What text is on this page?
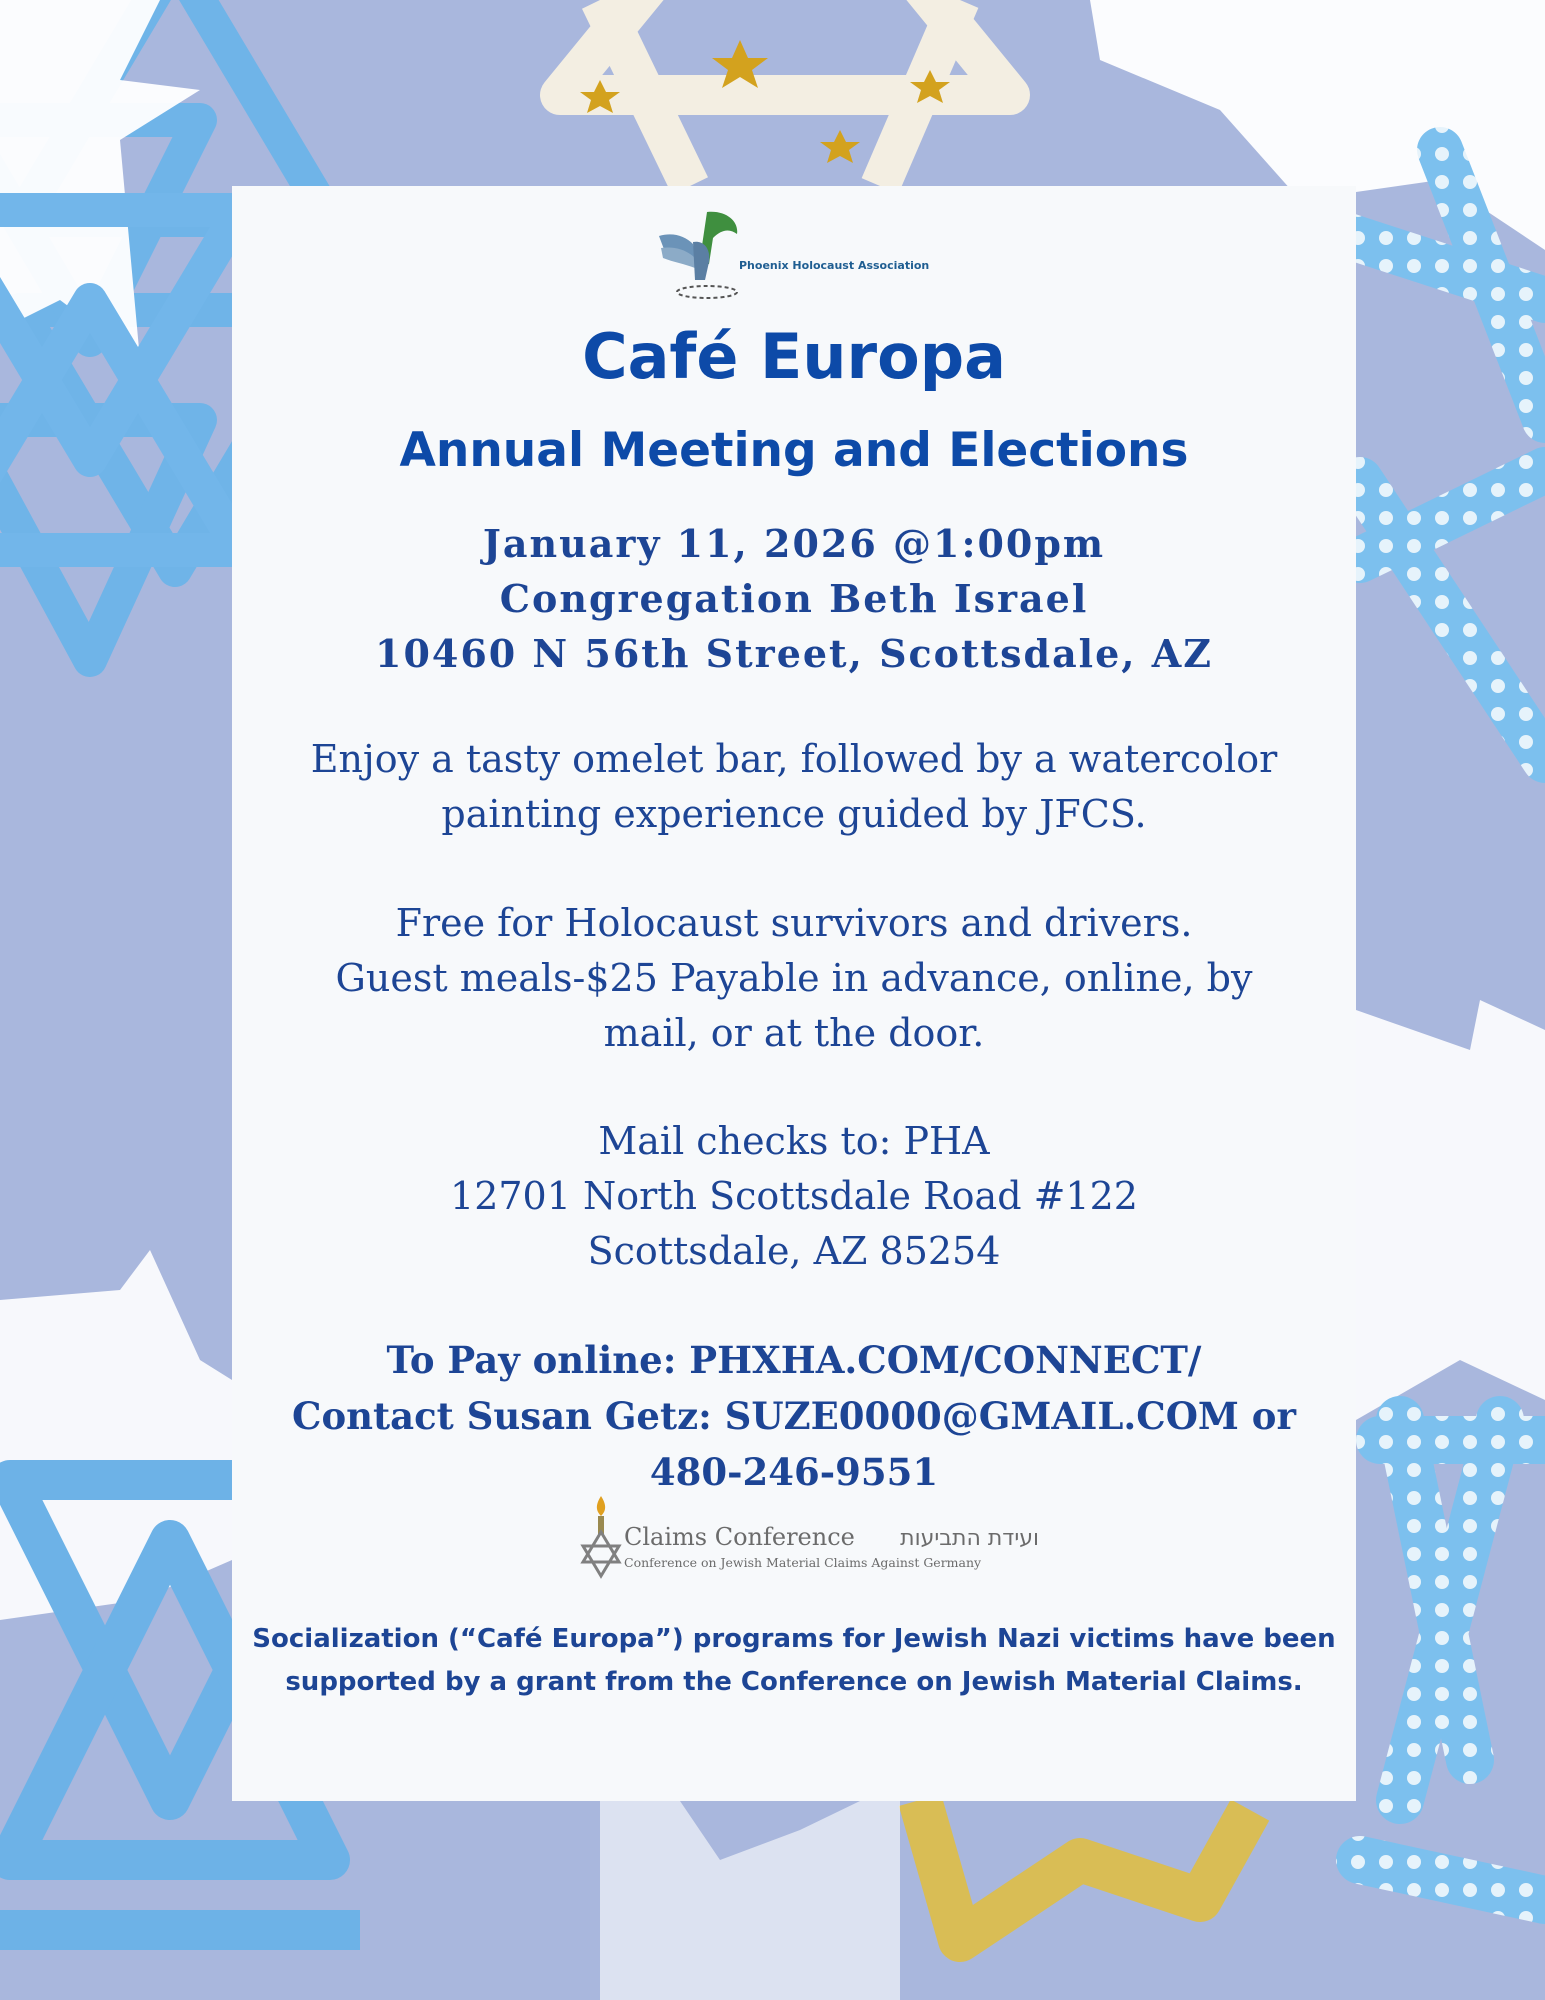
Phoenix Holocaust Association
Café Europa
Annual Meeting and Elections
January 11, 2026 @1:00pm
Congregation Beth Israel
10460 N 56th Street, Scottsdale, AZ
Enjoy a tasty omelet bar, followed by a watercolor
painting experience guided by JFCS.
Free for Holocaust survivors and drivers.
Guest meals-$25 Payable in advance, online, by
mail, or at the door.
Mail checks to: PHA
12701 North Scottsdale Road #122
Scottsdale, AZ 85254
To Pay online: PHXHA.COM/CONNECT/
Contact Susan Getz: SUZE0000@GMAIL.COM or
480-246-9551
Claims Conference ועידת התביעות
Conference on Jewish Material Claims Against Germany
Socialization (“Café Europa”) programs for Jewish Nazi victims have been
supported by a grant from the Conference on Jewish Material Claims.
